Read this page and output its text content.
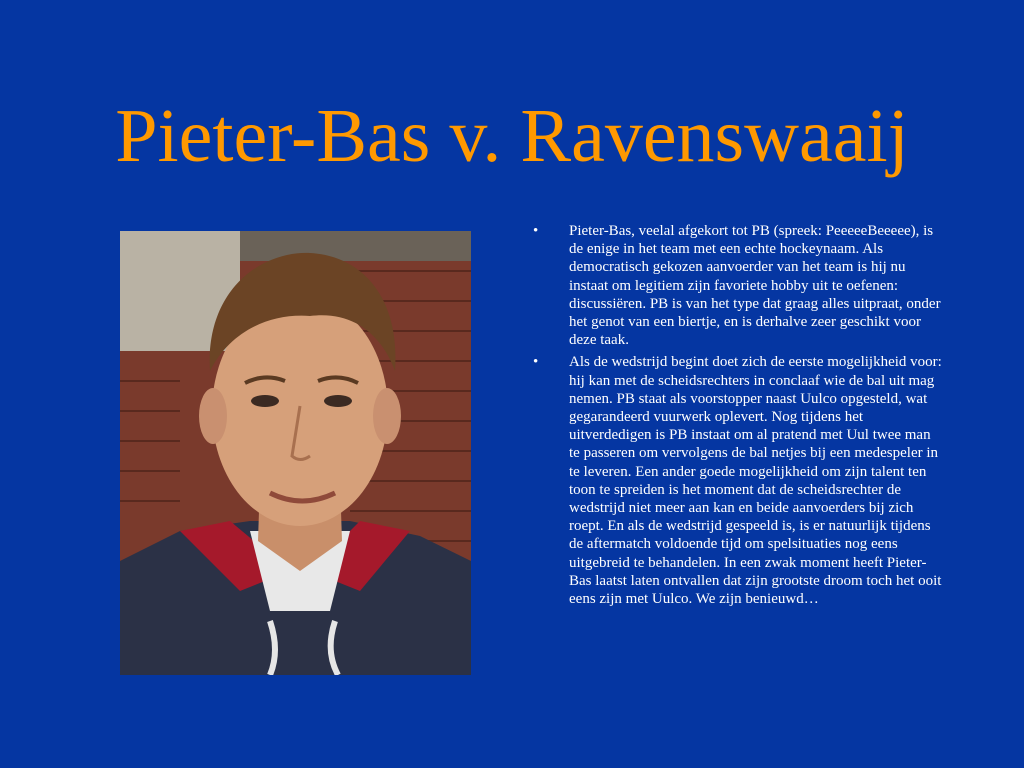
Pieter-Bas v. Ravenswaaij
• Pieter-Bas, veelal afgekort tot PB (spreek: PeeeeeBeeeee), is de enige in het team met een echte hockeynaam. Als democratisch gekozen aanvoerder van het team is hij nu instaat om legitiem zijn favoriete hobby uit te oefenen: discussiëren. PB is van het type dat graag alles uitpraat, onder het genot van een biertje, en is derhalve zeer geschikt voor deze taak.
• Als de wedstrijd begint doet zich de eerste mogelijkheid voor: hij kan met de scheidsrechters in conclaaf wie de bal uit mag nemen. PB staat als voorstopper naast Uulco opgesteld, wat gegarandeerd vuurwerk oplevert. Nog tijdens het uitverdedigen is PB instaat om al pratend met Uul twee man te passeren om vervolgens de bal netjes bij een medespeler in te leveren. Een ander goede mogelijkheid om zijn talent ten toon te spreiden is het moment dat de scheidsrechter de wedstrijd niet meer aan kan en beide aanvoerders bij zich roept. En als de wedstrijd gespeeld is, is er natuurlijk tijdens de aftermatch voldoende tijd om spelsituaties nog eens uitgebreid te behandelen. In een zwak moment heeft Pieter-Bas laatst laten ontvallen dat zijn grootste droom toch het ooit eens zijn met Uulco. We zijn benieuwd…
